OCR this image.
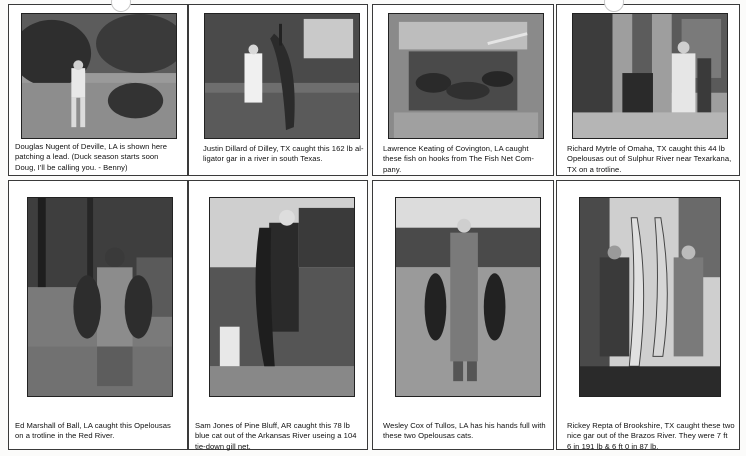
Douglas Nugent of Deville, LA is shown here
patching a lead. (Duck season starts soon
Doug, I'll be calling you. - Benny)
Justin Dillard of Dilley, TX caught this 162 lb al-
ligator gar in a river in south Texas.
Lawrence Keating of Covington, LA caught
these fish on hooks from The Fish Net Com-
pany.
Richard Mytrle of Omaha, TX caught this 44 lb
Opelousas out of Sulphur River near Texarkana,
TX on a trotline.
Ed Marshall of Ball, LA caught this Opelousas
on a trotline in the Red River.
Sam Jones of Pine Bluff, AR caught this 78 lb
blue cat out of the Arkansas River useing a 104
tie-down gill net.
Wesley Cox of Tullos, LA has his hands full with
these two Opelousas cats.
Rickey Repta of Brookshire, TX caught these two
nice gar out of the Brazos River. They were 7 ft
6 in 191 lb & 6 ft 0 in 87 lb.
